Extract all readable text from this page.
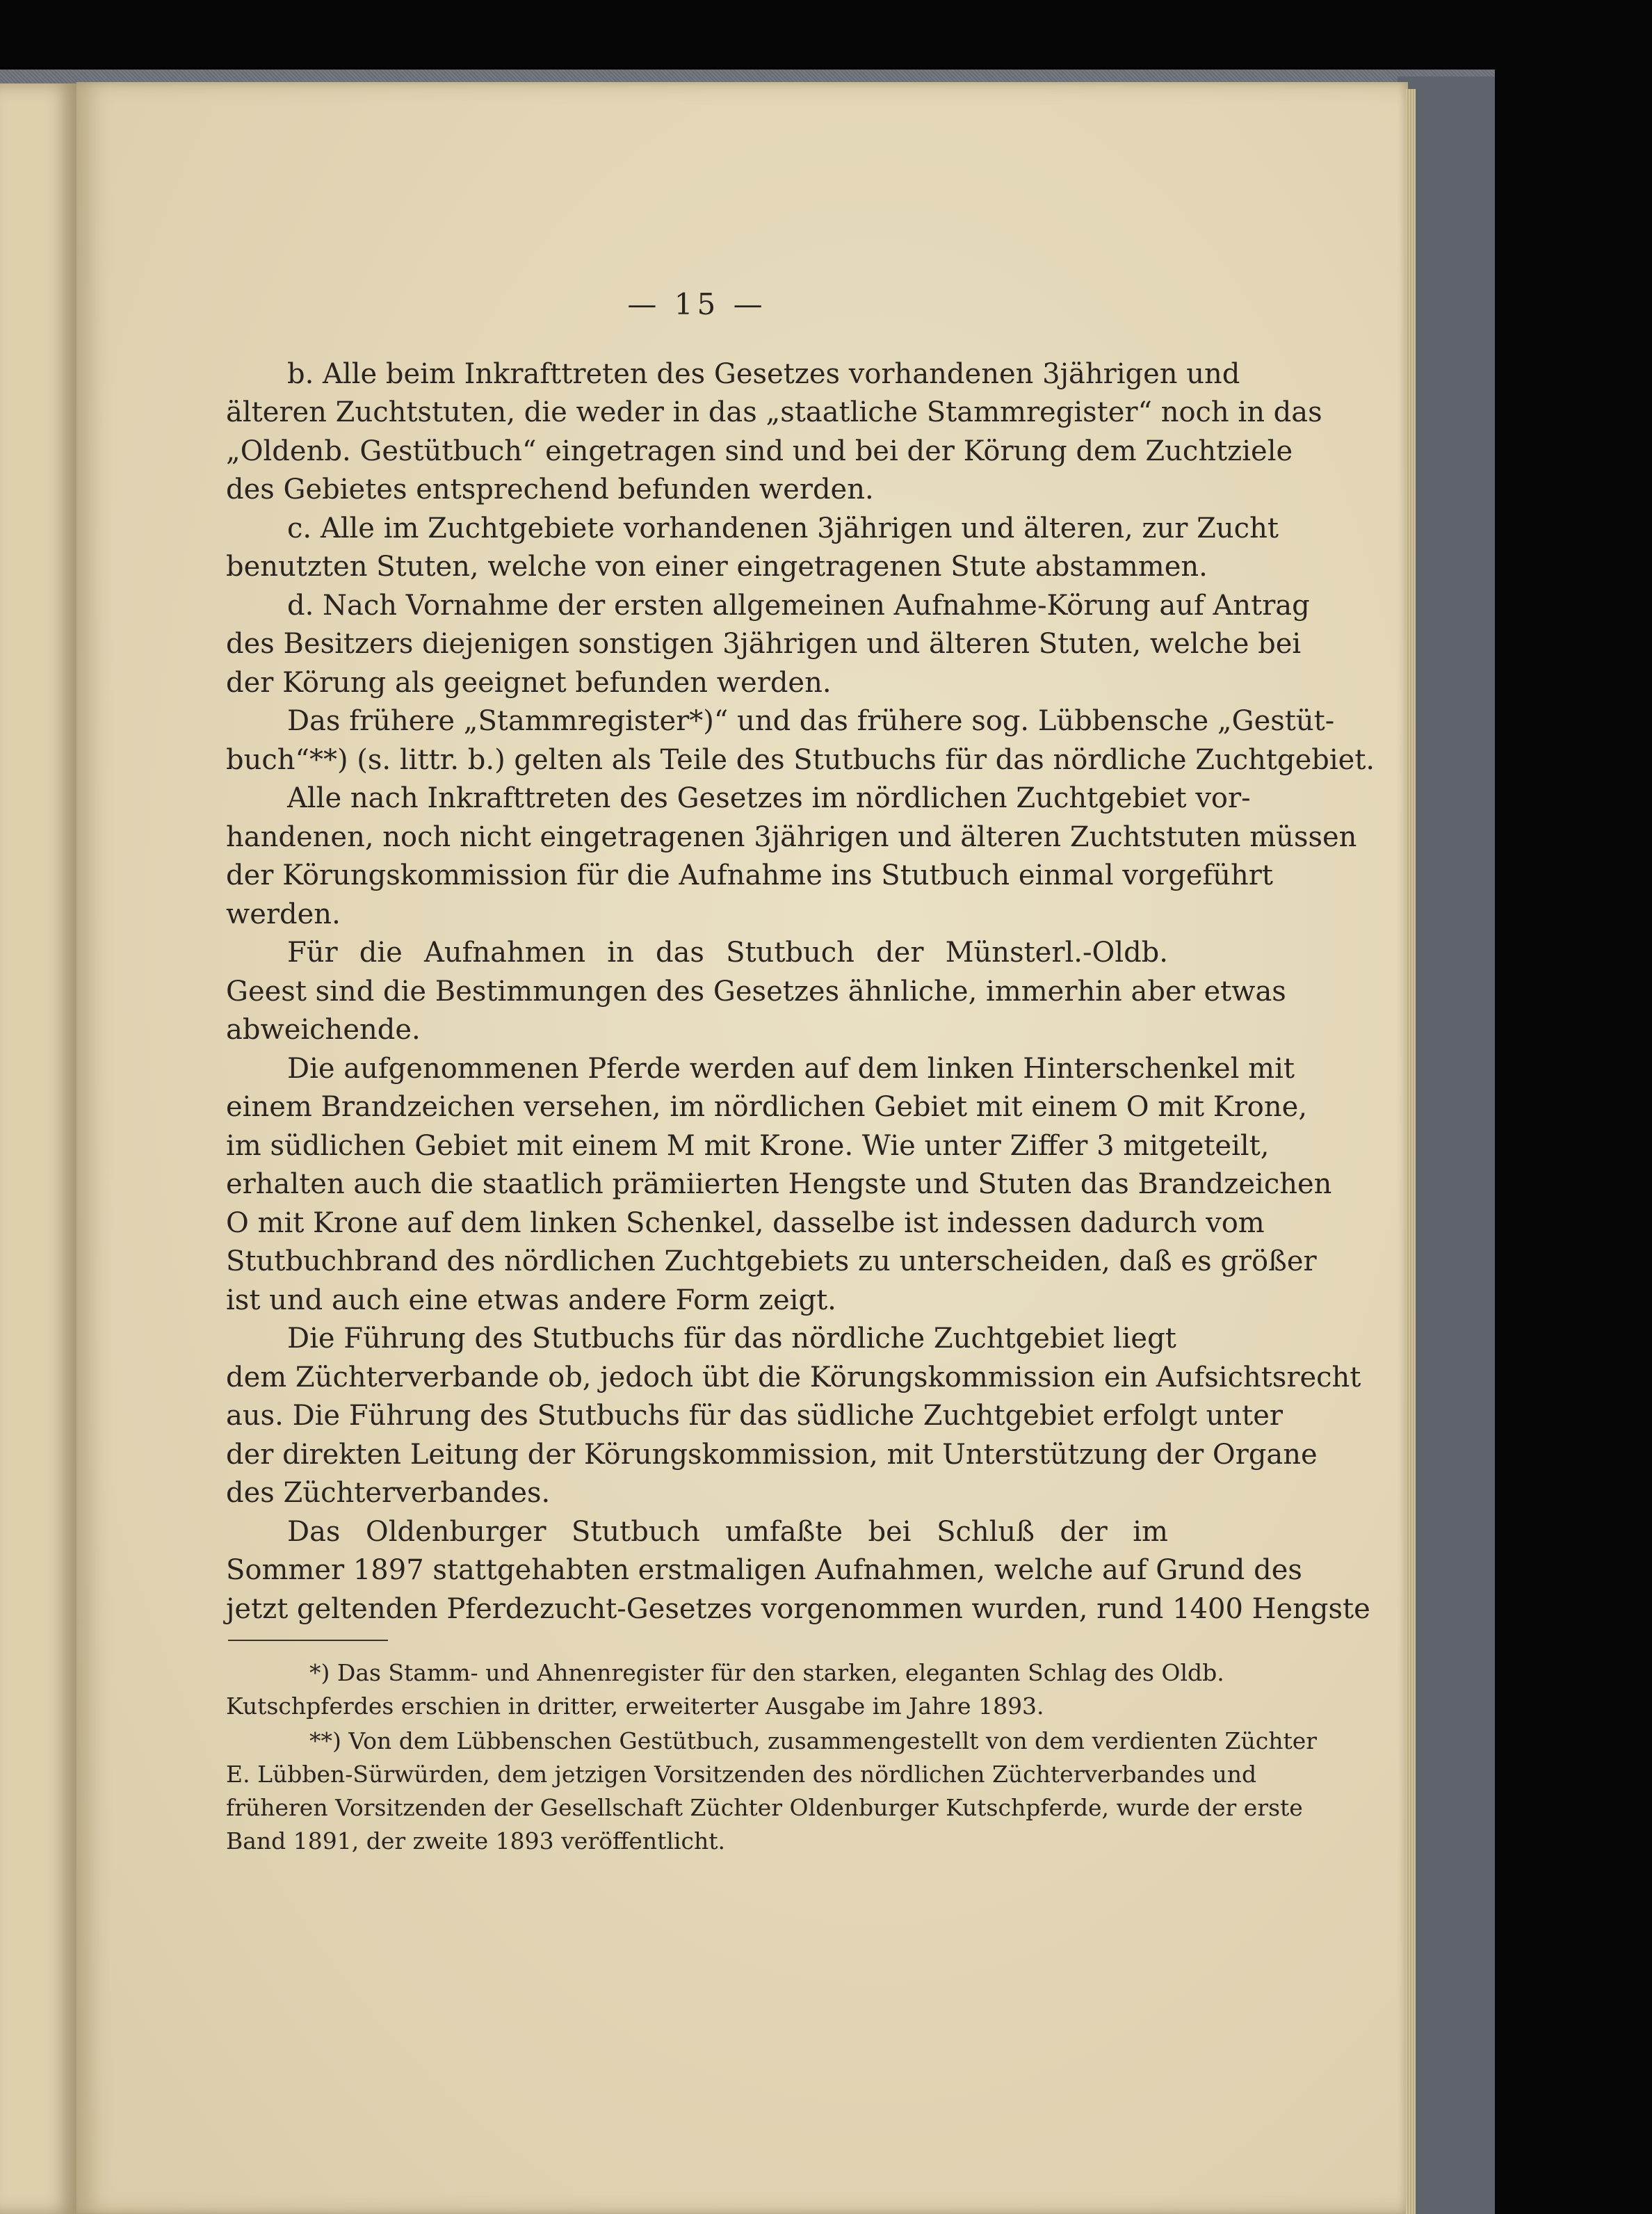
— 15 —
b. Alle beim Inkrafttreten des Gesetzes vorhandenen 3jährigen und
älteren Zuchtstuten, die weder in das „staatliche Stammregister“ noch in das
„Oldenb. Gestütbuch“ eingetragen sind und bei der Körung dem Zuchtziele
des Gebietes entsprechend befunden werden.
c. Alle im Zuchtgebiete vorhandenen 3jährigen und älteren, zur Zucht
benutzten Stuten, welche von einer eingetragenen Stute abstammen.
d. Nach Vornahme der ersten allgemeinen Aufnahme-Körung auf Antrag
des Besitzers diejenigen sonstigen 3jährigen und älteren Stuten, welche bei
der Körung als geeignet befunden werden.
Das frühere „Stammregister*)“ und das frühere sog. Lübbensche „Gestüt-
buch“**) (s. littr. b.) gelten als Teile des Stutbuchs für das nördliche Zuchtgebiet.
Alle nach Inkrafttreten des Gesetzes im nördlichen Zuchtgebiet vor-
handenen, noch nicht eingetragenen 3jährigen und älteren Zuchtstuten müssen
der Körungskommission für die Aufnahme ins Stutbuch einmal vorgeführt
werden.
Für die Aufnahmen in das Stutbuch der Münsterl.-Oldb.
Geest sind die Bestimmungen des Gesetzes ähnliche, immerhin aber etwas
abweichende.
Die aufgenommenen Pferde werden auf dem linken Hinterschenkel mit
einem Brandzeichen versehen, im nördlichen Gebiet mit einem O mit Krone,
im südlichen Gebiet mit einem M mit Krone. Wie unter Ziffer 3 mitgeteilt,
erhalten auch die staatlich prämiierten Hengste und Stuten das Brandzeichen
O mit Krone auf dem linken Schenkel, dasselbe ist indessen dadurch vom
Stutbuchbrand des nördlichen Zuchtgebiets zu unterscheiden, daß es größer
ist und auch eine etwas andere Form zeigt.
Die Führung des Stutbuchs für das nördliche Zuchtgebiet liegt
dem Züchterverbande ob, jedoch übt die Körungskommission ein Aufsichtsrecht
aus. Die Führung des Stutbuchs für das südliche Zuchtgebiet erfolgt unter
der direkten Leitung der Körungskommission, mit Unterstützung der Organe
des Züchterverbandes.
Das Oldenburger Stutbuch umfaßte bei Schluß der im
Sommer 1897 stattgehabten erstmaligen Aufnahmen, welche auf Grund des
jetzt geltenden Pferdezucht-Gesetzes vorgenommen wurden, rund 1400 Hengste
*) Das Stamm- und Ahnenregister für den starken, eleganten Schlag des Oldb.
Kutschpferdes erschien in dritter, erweiterter Ausgabe im Jahre 1893.
**) Von dem Lübbenschen Gestütbuch, zusammengestellt von dem verdienten Züchter
E. Lübben-Sürwürden, dem jetzigen Vorsitzenden des nördlichen Züchterverbandes und
früheren Vorsitzenden der Gesellschaft Züchter Oldenburger Kutschpferde, wurde der erste
Band 1891, der zweite 1893 veröffentlicht.
